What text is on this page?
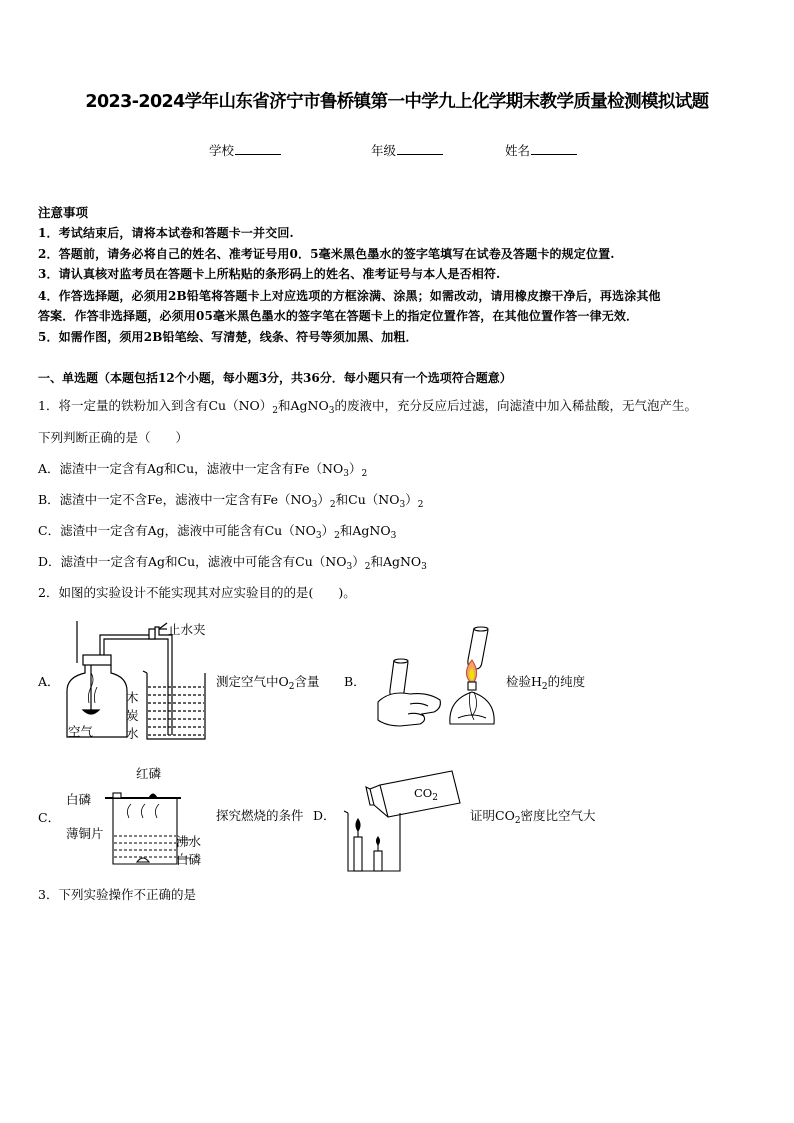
2023-2024学年山东省济宁市鲁桥镇第一中学九上化学期末教学质量检测模拟试题
学校	年级	姓名
注意事项
1．考试结束后，请将本试卷和答题卡一并交回.
2．答题前，请务必将自己的姓名、准考证号用0．5毫米黑色墨水的签字笔填写在试卷及答题卡的规定位置.
3．请认真核对监考员在答题卡上所粘贴的条形码上的姓名、准考证号与本人是否相符.
4．作答选择题，必须用2B铅笔将答题卡上对应选项的方框涂满、涂黑；如需改动，请用橡皮擦干净后，再选涂其他
答案．作答非选择题，必须用05毫米黑色墨水的签字笔在答题卡上的指定位置作答，在其他位置作答一律无效．
5．如需作图，须用2B铅笔绘、写清楚，线条、符号等须加黑、加粗．
一、单选题（本题包括12个小题，每小题3分，共36分．每小题只有一个选项符合题意）
1．将一定量的铁粉加入到含有$Cu(NO)_2$和AgNO$_3$的废液中，充分反应后过滤，向滤渣中加入稀盐酸，无气泡产生。
下列判断正确的是（　　）
A．滤渣中一定含有Ag和Cu，滤液中一定含有$Fe(NO_3)_2$
B．滤渣中一定不含Fe，滤液中一定含有$Fe(NO_3)_2$和$Cu(NO_3)_2$
C．滤渣中一定含有Ag，滤液中可能含有$Cu(NO_3)_2$和AgNO$_3$
D．滤渣中一定含有Ag和Cu，滤液中可能含有$Cu(NO_3)_2$和AgNO$_3$
2．如图的实验设计不能实现其对应实验目的的是(　　)。
A．
止水夹
木
炭
水
空气
测定空气中$O_2$含量 B．	检验$H_2$的纯度
C．
红磷
白磷
薄铜片
沸水
白磷
探究燃烧的条件 D．
$CO_2$
证明$CO_2$密度比空气大
3．下列实验操作不正确的是
